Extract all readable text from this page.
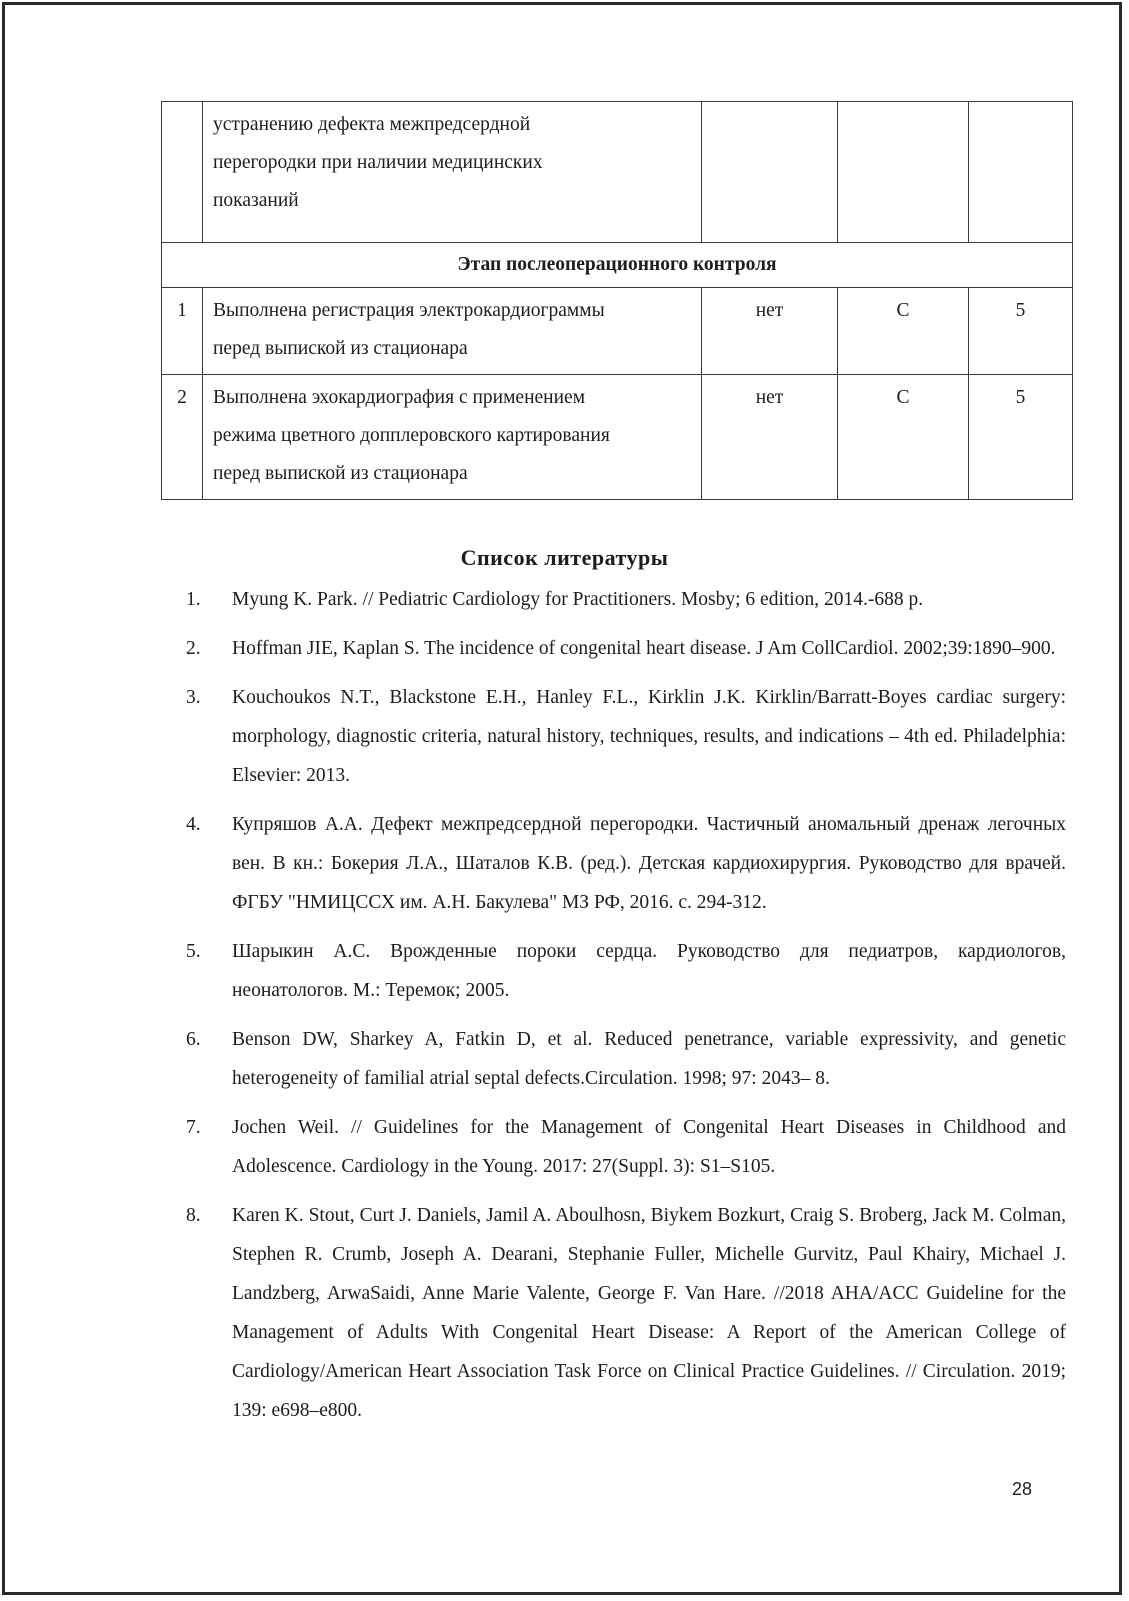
	устранению дефекта межпредсердной
перегородки при наличии медицинских
показаний			

Этап послеоперационного контроля				

1	Выполнена регистрация электрокардиограммы
перед выпиской из стационара	нет	С	5

2	Выполнена эхокардиография с применением
режима цветного допплеровского картирования
перед выпиской из стационара	нет	С	5
Список литературы
1. Myung K. Park. // Pediatric Cardiology for Practitioners. Mosby; 6 edition, 2014.-688 p.
2. Hoffman JIE, Kaplan S. The incidence of congenital heart disease. J Am CollCardiol. 2002;39:1890–900.
3. Kouchoukos N.T., Blackstone E.H., Hanley F.L., Kirklin J.K. Kirklin/Barratt-Boyes cardiac surgery: morphology, diagnostic criteria, natural history, techniques, results, and indications – 4th ed. Philadelphia: Elsevier: 2013.
4. Купряшов А.А. Дефект межпредсердной перегородки. Частичный аномальный дренаж легочных вен. В кн.: Бокерия Л.А., Шаталов К.В. (ред.). Детская кардиохирургия. Руководство для врачей. ФГБУ "НМИЦССХ им. А.Н. Бакулева" МЗ РФ, 2016. с. 294-312.
5. Шарыкин А.С. Врожденные пороки сердца. Руководство для педиатров, кардиологов, неонатологов. М.: Теремок; 2005.
6. Benson DW, Sharkey A, Fatkin D, et al. Reduced penetrance, variable expressivity, and genetic heterogeneity of familial atrial septal defects.Circulation. 1998; 97: 2043– 8.
7. Jochen Weil. // Guidelines for the Management of Congenital Heart Diseases in Childhood and Adolescence. Cardiology in the Young. 2017: 27(Suppl. 3): S1–S105.
8. Karen K. Stout, Curt J. Daniels, Jamil A. Aboulhosn, Biykem Bozkurt, Craig S. Broberg, Jack M. Colman, Stephen R. Crumb, Joseph A. Dearani, Stephanie Fuller, Michelle Gurvitz, Paul Khairy, Michael J. Landzberg, ArwaSaidi, Anne Marie Valente, George F. Van Hare. //2018 AHA/ACC Guideline for the Management of Adults With Congenital Heart Disease: A Report of the American College of Cardiology/American Heart Association Task Force on Clinical Practice Guidelines. // Circulation. 2019; 139: e698–e800.
28
